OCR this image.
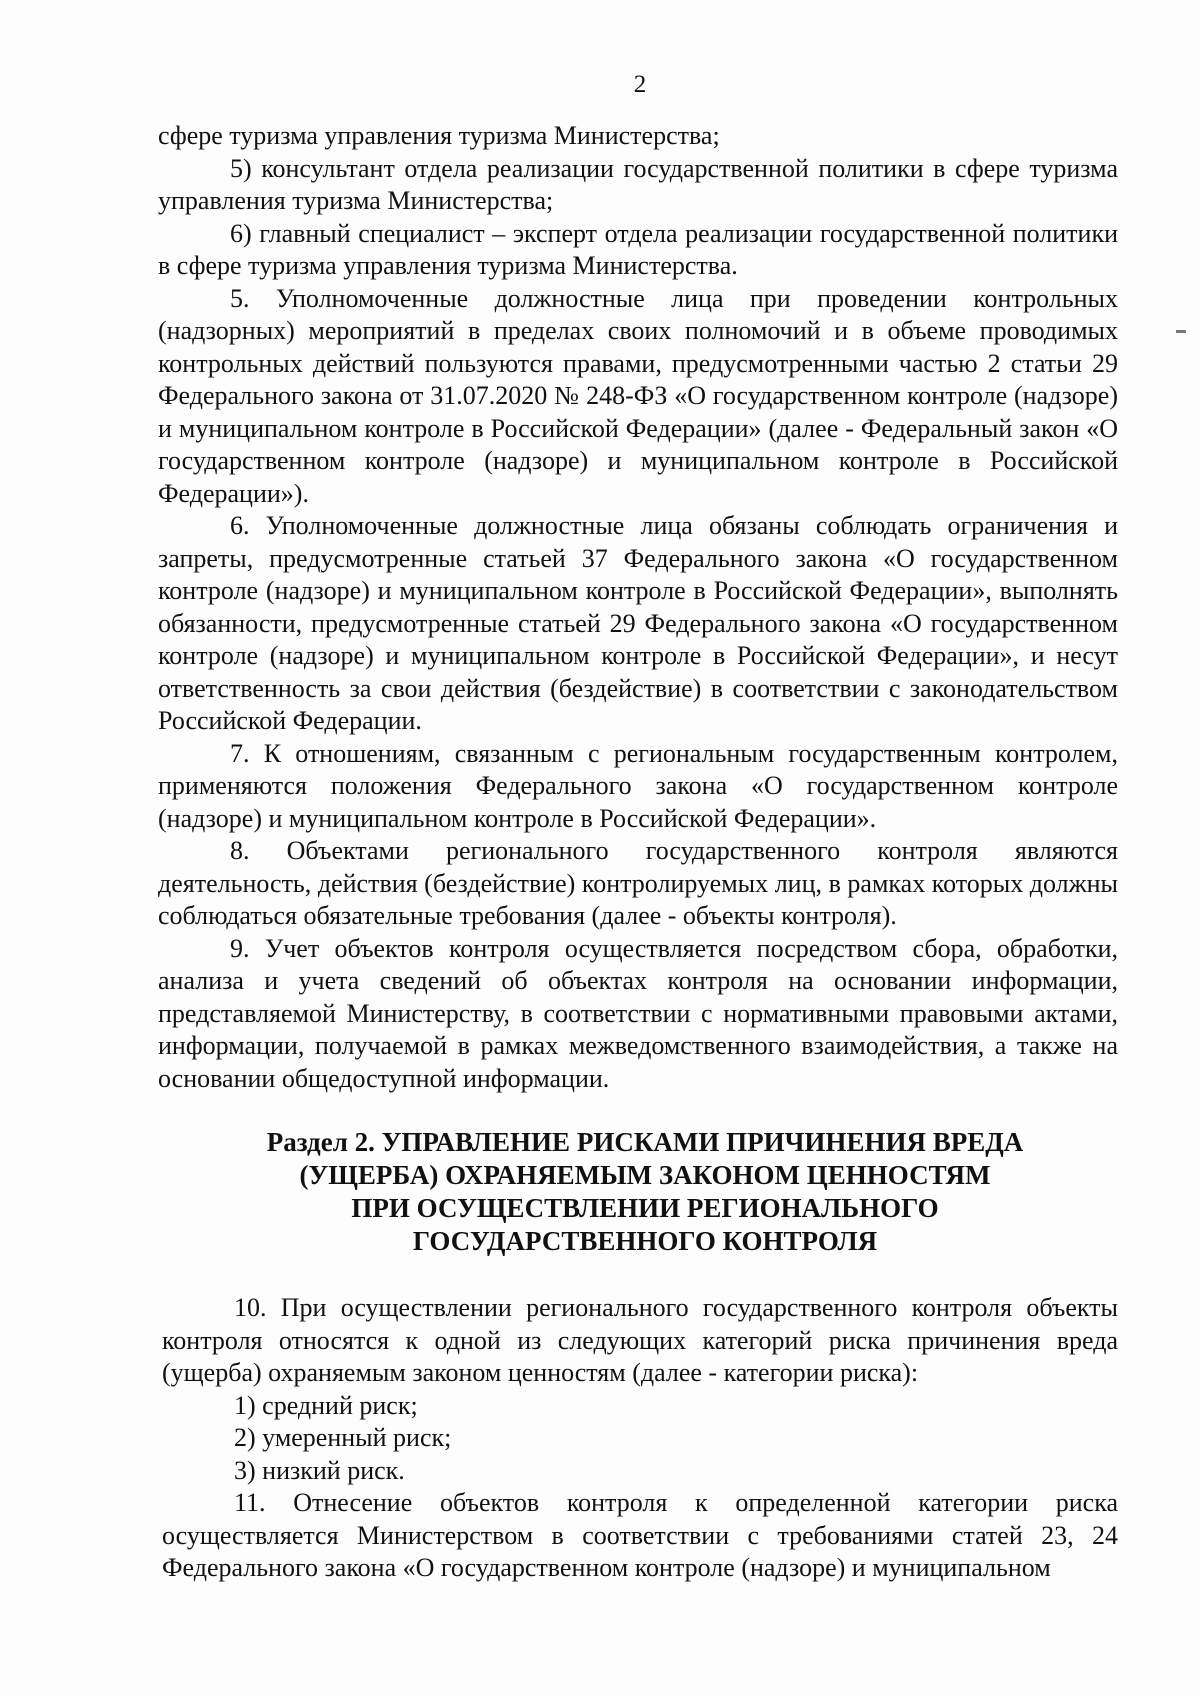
2

сфере туризма управления туризма Министерства;

5) консультант отдела реализации государственной политики в сфере туризма управления туризма Министерства;

6) главный специалист – эксперт отдела реализации государственной политики в сфере туризма управления туризма Министерства.

5. Уполномоченные должностные лица при проведении контрольных (надзорных) мероприятий в пределах своих полномочий и в объеме проводимых контрольных действий пользуются правами, предусмотренными частью 2 статьи 29 Федерального закона от 31.07.2020 № 248-ФЗ «О государственном контроле (надзоре) и муниципальном контроле в Российской Федерации» (далее - Федеральный закон «О государственном контроле (надзоре) и муниципальном контроле в Российской Федерации»).

6. Уполномоченные должностные лица обязаны соблюдать ограничения и запреты, предусмотренные статьей 37 Федерального закона «О государственном контроле (надзоре) и муниципальном контроле в Российской Федерации», выполнять обязанности, предусмотренные статьей 29 Федерального закона «О государственном контроле (надзоре) и муниципальном контроле в Российской Федерации», и несут ответственность за свои действия (бездействие) в соответствии с законодательством Российской Федерации.

7. К отношениям, связанным с региональным государственным контролем, применяются положения Федерального закона «О государственном контроле (надзоре) и муниципальном контроле в Российской Федерации».

8. Объектами регионального государственного контроля являются деятельность, действия (бездействие) контролируемых лиц, в рамках которых должны соблюдаться обязательные требования (далее - объекты контроля).

9. Учет объектов контроля осуществляется посредством сбора, обработки, анализа и учета сведений об объектах контроля на основании информации, представляемой Министерству, в соответствии с нормативными правовыми актами, информации, получаемой в рамках межведомственного взаимодействия, а также на основании общедоступной информации.

Раздел 2. УПРАВЛЕНИЕ РИСКАМИ ПРИЧИНЕНИЯ ВРЕДА
(УЩЕРБА) ОХРАНЯЕМЫМ ЗАКОНОМ ЦЕННОСТЯМ
ПРИ ОСУЩЕСТВЛЕНИИ РЕГИОНАЛЬНОГО
ГОСУДАРСТВЕННОГО КОНТРОЛЯ

10. При осуществлении регионального государственного контроля объекты контроля относятся к одной из следующих категорий риска причинения вреда (ущерба) охраняемым законом ценностям (далее - категории риска):

1) средний риск;

2) умеренный риск;

3) низкий риск.

11. Отнесение объектов контроля к определенной категории риска осуществляется Министерством в соответствии с требованиями статей 23, 24 Федерального закона «О государственном контроле (надзоре) и муниципальном
